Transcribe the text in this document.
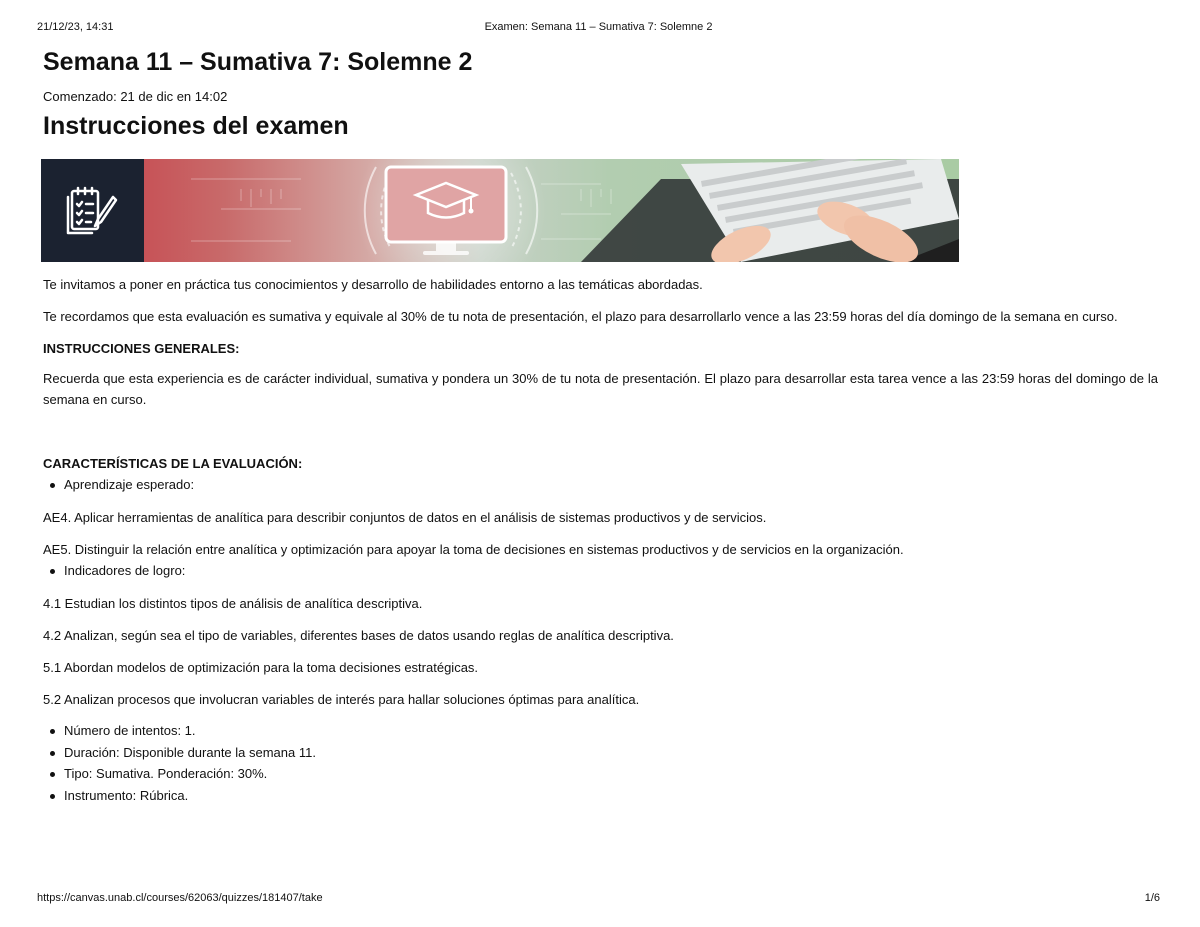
21/12/23, 14:31	Examen: Semana 11 – Sumativa 7: Solemne 2
Semana 11 – Sumativa 7: Solemne 2
Comenzado: 21 de dic en 14:02
Instrucciones del examen

Te invitamos a poner en práctica tus conocimientos y desarrollo de habilidades entorno a las temáticas abordadas.

Te recordamos que esta evaluación es sumativa y equivale al 30% de tu nota de presentación, el plazo para desarrollarlo vence a las 23:59 horas del día domingo de la semana en curso.

INSTRUCCIONES GENERALES:

Recuerda que esta experiencia es de carácter individual, sumativa y pondera un 30% de tu nota de presentación. El plazo para desarrollar esta tarea vence a las 23:59 horas del domingo de la semana en curso.

CARACTERÍSTICAS DE LA EVALUACIÓN:
Aprendizaje esperado:

AE4. Aplicar herramientas de analítica para describir conjuntos de datos en el análisis de sistemas productivos y de servicios.

AE5. Distinguir la relación entre analítica y optimización para apoyar la toma de decisiones en sistemas productivos y de servicios en la organización.

Indicadores de logro:

4.1 Estudian los distintos tipos de análisis de analítica descriptiva.

4.2 Analizan, según sea el tipo de variables, diferentes bases de datos usando reglas de analítica descriptiva.

5.1 Abordan modelos de optimización para la toma decisiones estratégicas.

5.2 Analizan procesos que involucran variables de interés para hallar soluciones óptimas para analítica.

Número de intentos: 1.
Duración: Disponible durante la semana 11.
Tipo: Sumativa. Ponderación: 30%.
Instrumento: Rúbrica.
https://canvas.unab.cl/courses/62063/quizzes/181407/take	1/6
